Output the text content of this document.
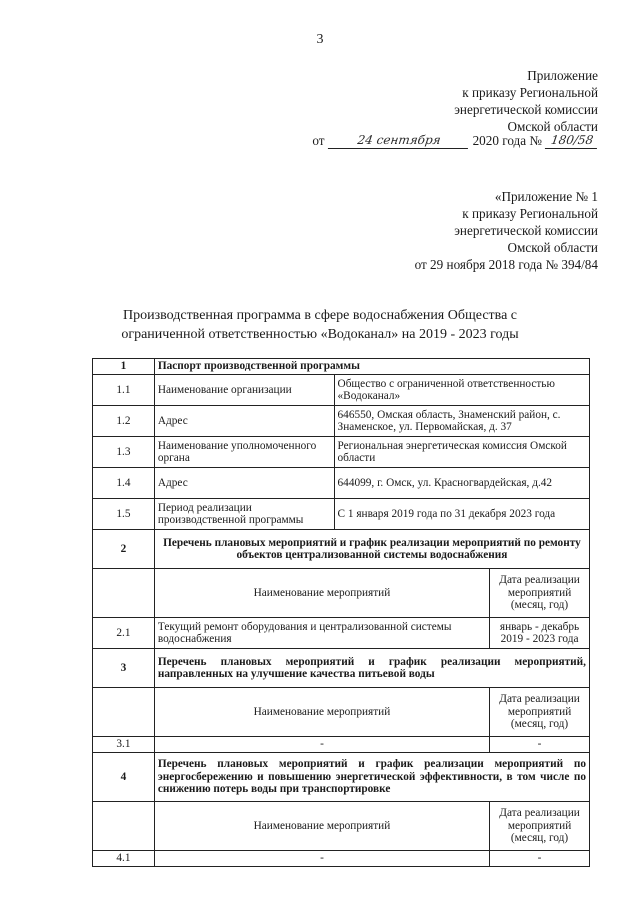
3
Приложение
к приказу Региональной
энергетической комиссии
Омской области
от	24 сентября	2020 года № 180/58
«Приложение № 1
к приказу Региональной
энергетической комиссии
Омской области
от 29 ноября 2018 года № 394/84
Производственная программа в сфере водоснабжения Общества с
ограниченной ответственностью «Водоканал» на 2019 - 2023 годы
1	Паспорт производственной программы		
1.1	Наименование организации	Общество с ограниченной ответственностью «Водоканал»	
1.2	Адрес	646550, Омская область, Знаменский район, с. Знаменское, ул. Первомайская, д. 37	
1.3	Наименование уполномоченного органа	Региональная энергетическая комиссия Омской области	
1.4	Адрес	644099, г. Омск, ул. Красногвардейская, д.42	
1.5	Период реализации производственной программы	С 1 января 2019 года по 31 декабря 2023 года	
2	Перечень плановых мероприятий и график реализации мероприятий по ремонту объектов централизованной системы водоснабжения		
	Наименование мероприятий		Дата реализации мероприятий (месяц, год)
2.1	Текущий ремонт оборудования и централизованной системы водоснабжения		январь - декабрь 2019 - 2023 года
3	Перечень плановых мероприятий и график реализации мероприятий, направленных на улучшение качества питьевой воды		
	Наименование мероприятий		Дата реализации мероприятий (месяц, год)
3.1	-		-
4	Перечень плановых мероприятий и график реализации мероприятий по энергосбережению и повышению энергетической эффективности, в том числе по снижению потерь воды при транспортировке		
	Наименование мероприятий		Дата реализации мероприятий (месяц, год)
4.1	-		-
